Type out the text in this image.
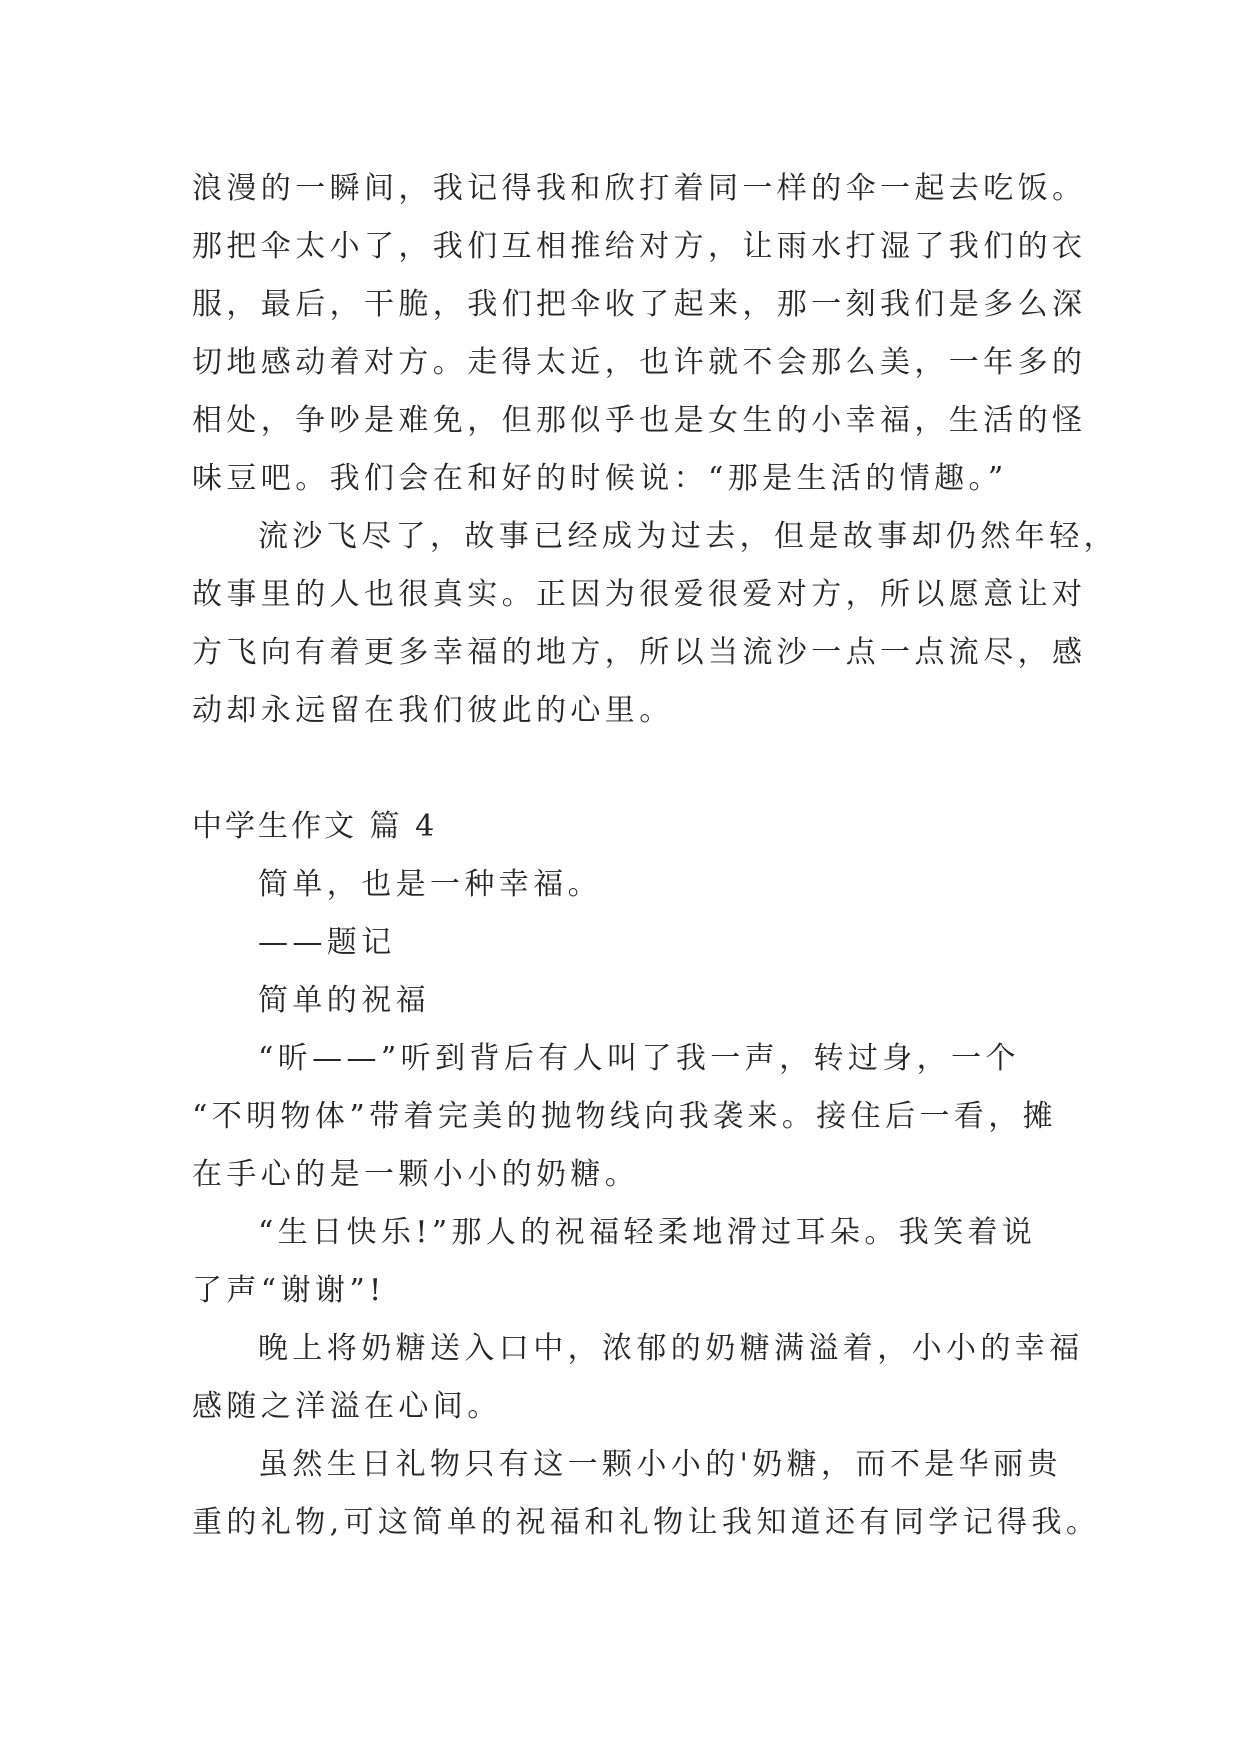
浪漫的一瞬间，我记得我和欣打着同一样的伞一起去吃饭。
那把伞太小了，我们互相推给对方，让雨水打湿了我们的衣
服，最后，干脆，我们把伞收了起来，那一刻我们是多么深
切地感动着对方。走得太近，也许就不会那么美，一年多的
相处，争吵是难免，但那似乎也是女生的小幸福，生活的怪
味豆吧。我们会在和好的时候说：“那是生活的情趣。”
流沙飞尽了，故事已经成为过去，但是故事却仍然年轻，
故事里的人也很真实。正因为很爱很爱对方，所以愿意让对
方飞向有着更多幸福的地方，所以当流沙一点一点流尽，感
动却永远留在我们彼此的心里。
中学生作文 篇 4
简单，也是一种幸福。
——题记
简单的祝福
“昕——”听到背后有人叫了我一声，转过身，一个
“不明物体”带着完美的抛物线向我袭来。接住后一看，摊
在手心的是一颗小小的奶糖。
“生日快乐!”那人的祝福轻柔地滑过耳朵。我笑着说
了声“谢谢”!
晚上将奶糖送入口中，浓郁的奶糖满溢着，小小的幸福
感随之洋溢在心间。
虽然生日礼物只有这一颗小小的'奶糖，而不是华丽贵
重的礼物,可这简单的祝福和礼物让我知道还有同学记得我。
